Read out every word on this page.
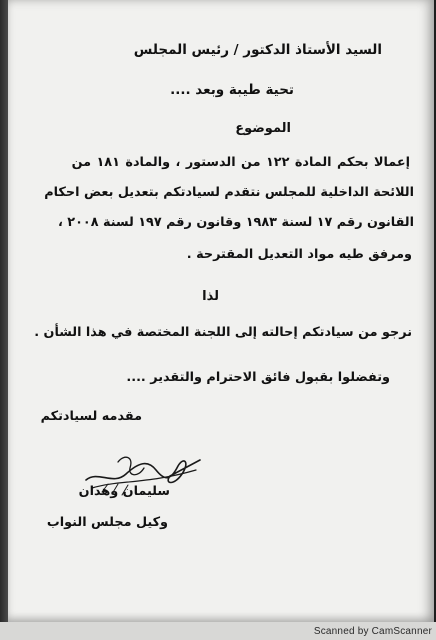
السيد الأستاذ الدكتور / رئيس المجلس
تحية طيبة وبعد ....
الموضوع
إعمالا بحكم المادة ١٢٢ من الدستور ، والمادة ١٨١ من
اللائحة الداخلية للمجلس نتقدم لسيادتكم بتعديل بعض احكام
القانون رقم ١٧ لسنة ١٩٨٣ وقانون رقم ١٩٧ لسنة ٢٠٠٨ ،
ومرفق طيه مواد التعديل المقترحة .
لذا
نرجو من سيادتكم إحالته إلى اللجنة المختصة في هذا الشأن .
وتفضلوا بقبول فائق الاحترام والتقدير ....
مقدمه لسيادتكم
سليمان وهدان
وكيل مجلس النواب
Scanned by CamScanner
